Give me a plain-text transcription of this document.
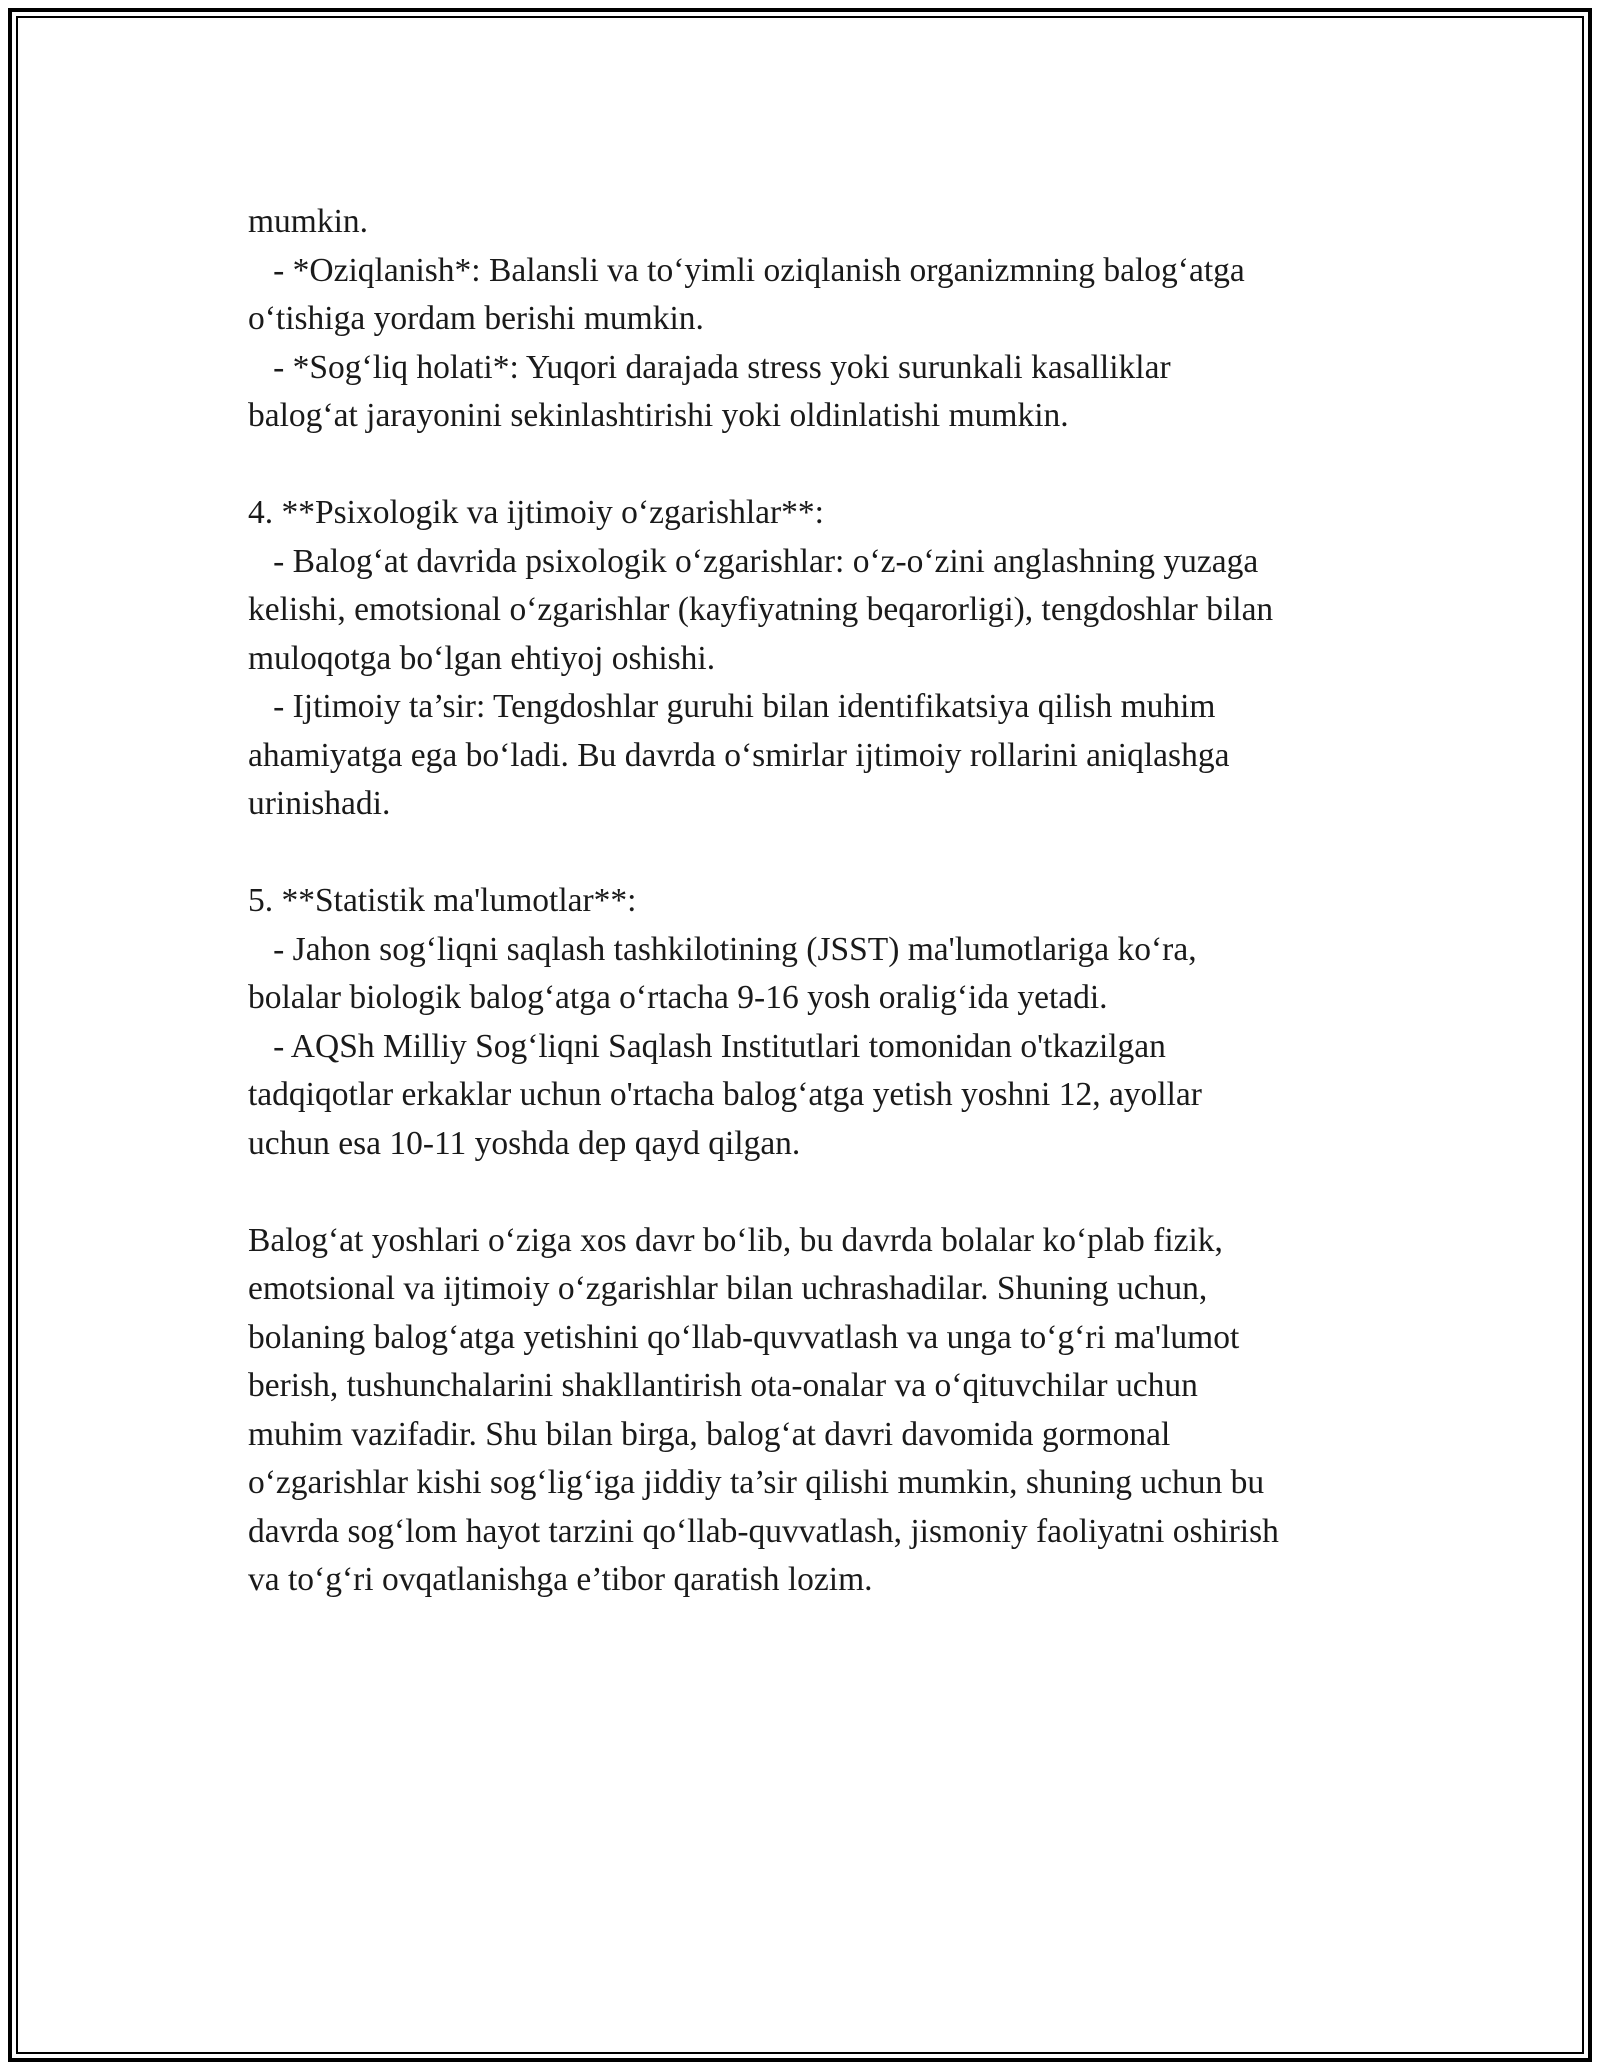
mumkin.
- *Oziqlanish*: Balansli va to‘yimli oziqlanish organizmning balog‘atga
o‘tishiga yordam berishi mumkin.
- *Sog‘liq holati*: Yuqori darajada stress yoki surunkali kasalliklar
balog‘at jarayonini sekinlashtirishi yoki oldinlatishi mumkin.
4. **Psixologik va ijtimoiy o‘zgarishlar**:
- Balog‘at davrida psixologik o‘zgarishlar: o‘z-o‘zini anglashning yuzaga
kelishi, emotsional o‘zgarishlar (kayfiyatning beqarorligi), tengdoshlar bilan
muloqotga bo‘lgan ehtiyoj oshishi.
- Ijtimoiy ta’sir: Tengdoshlar guruhi bilan identifikatsiya qilish muhim
ahamiyatga ega bo‘ladi. Bu davrda o‘smirlar ijtimoiy rollarini aniqlashga
urinishadi.
5. **Statistik ma'lumotlar**:
- Jahon sog‘liqni saqlash tashkilotining (JSST) ma'lumotlariga ko‘ra,
bolalar biologik balog‘atga o‘rtacha 9-16 yosh oralig‘ida yetadi.
- AQSh Milliy Sog‘liqni Saqlash Institutlari tomonidan o'tkazilgan
tadqiqotlar erkaklar uchun o'rtacha balog‘atga yetish yoshni 12, ayollar
uchun esa 10-11 yoshda dep qayd qilgan.
Balog‘at yoshlari o‘ziga xos davr bo‘lib, bu davrda bolalar ko‘plab fizik,
emotsional va ijtimoiy o‘zgarishlar bilan uchrashadilar. Shuning uchun,
bolaning balog‘atga yetishini qo‘llab-quvvatlash va unga to‘g‘ri ma'lumot
berish, tushunchalarini shakllantirish ota-onalar va o‘qituvchilar uchun
muhim vazifadir. Shu bilan birga, balog‘at davri davomida gormonal
o‘zgarishlar kishi sog‘lig‘iga jiddiy ta’sir qilishi mumkin, shuning uchun bu
davrda sog‘lom hayot tarzini qo‘llab-quvvatlash, jismoniy faoliyatni oshirish
va to‘g‘ri ovqatlanishga e’tibor qaratish lozim.
